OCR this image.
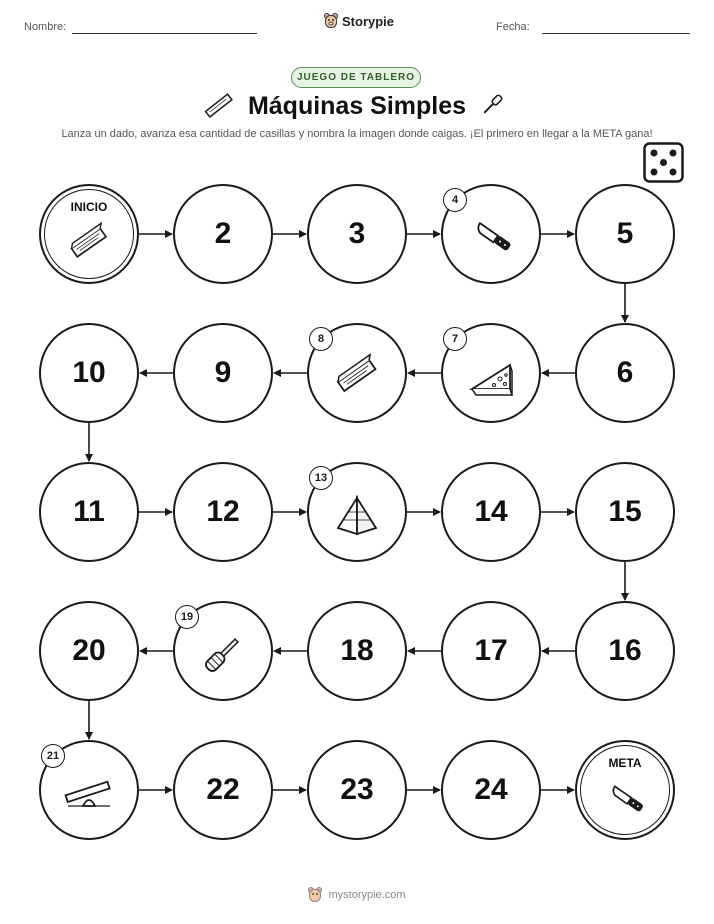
Nombre:	Storypie	Fecha:
JUEGO DE TABLERO
Máquinas Simples
Lanza un dado, avanza esa cantidad de casillas y nombra la imagen donde caigas. ¡El primero en llegar a la META gana!
INICIO
2	3
4
5
6
7
8
9
10
11	12
13
14	15
16
17
18
19
20
21
22	23	24
META
mystorypie.com
